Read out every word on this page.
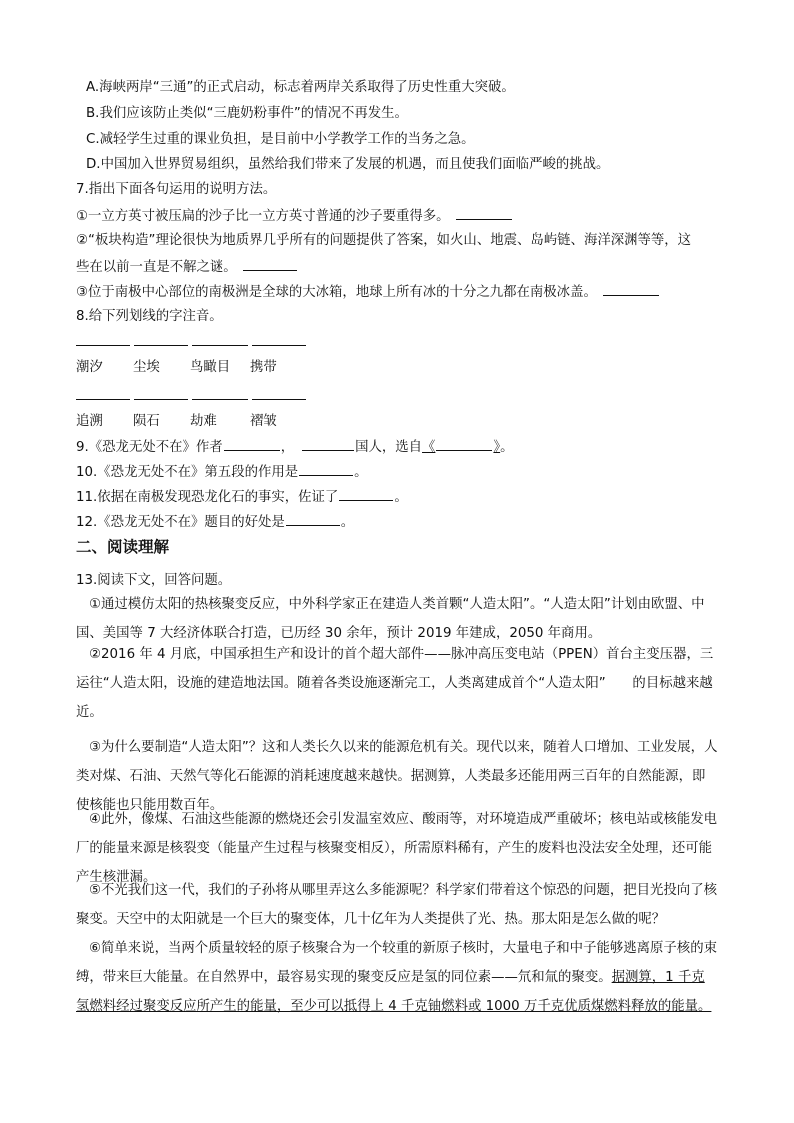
A.海峡两岸“三通”的正式启动，标志着两岸关系取得了历史性重大突破。
B.我们应该防止类似“三鹿奶粉事件”的情况不再发生。
C.减轻学生过重的课业负担，是目前中小学教学工作的当务之急。
D.中国加入世界贸易组织，虽然给我们带来了发展的机遇，而且使我们面临严峻的挑战。
7.指出下面各句运用的说明方法。
①一立方英寸被压扁的沙子比一立方英寸普通的沙子要重得多。
②“板块构造”理论很快为地质界几乎所有的问题提供了答案，如火山、地震、岛屿链、海洋深渊等等，这
些在以前一直是不解之谜。
③位于南极中心部位的南极洲是全球的大冰箱，地球上所有冰的十分之九都在南极冰盖。
8.给下列划线的字注音。
潮汐 尘埃 鸟瞰目 携带
追溯 陨石 劫难 褶皱
9.《恐龙无处不在》作者	，	国人，选自《	》。
10.《恐龙无处不在》第五段的作用是	。
11.依据在南极发现恐龙化石的事实，佐证了	。
12.《恐龙无处不在》题目的好处是	。
二、阅读理解
13.阅读下文，回答问题。
①通过模仿太阳的热核聚变反应，中外科学家正在建造人类首颗“人造太阳”。“人造太阳”计划由欧盟、中国、美国等 7 大经济体联合打造，已历经 30 余年，预计 2019 年建成，2050 年商用。
②2016 年 4 月底，中国承担生产和设计的首个超大部件——脉冲高压变电站（PPEN）首台主变压器，三运往“人造太阳，设施的建造地法国。随着各类设施逐渐完工，人类离建成首个“人造太阳”　　的目标越来越近。
③为什么要制造“人造太阳”？这和人类长久以来的能源危机有关。现代以来，随着人口增加、工业发展，人类对煤、石油、天然气等化石能源的消耗速度越来越快。据测算，人类最多还能用两三百年的自然能源，即使核能也只能用数百年。
④此外，像煤、石油这些能源的燃烧还会引发温室效应、酸雨等，对环境造成严重破坏；核电站或核能发电厂的能量来源是核裂变（能量产生过程与核聚变相反），所需原料稀有，产生的废料也没法安全处理，还可能产生核泄漏。
⑤不光我们这一代，我们的子孙将从哪里弄这么多能源呢？科学家们带着这个惊恐的问题，把目光投向了核聚变。天空中的太阳就是一个巨大的聚变体，几十亿年为人类提供了光、热。那太阳是怎么做的呢？
⑥简单来说，当两个质量较轻的原子核聚合为一个较重的新原子核时，大量电子和中子能够逃离原子核的束缚，带来巨大能量。在自然界中，最容易实现的聚变反应是氢的同位素——氘和氚的聚变。据测算，1 千克氢燃料经过聚变反应所产生的能量，至少可以抵得上 4 千克铀燃料或 1000 万千克优质煤燃料释放的能量。
